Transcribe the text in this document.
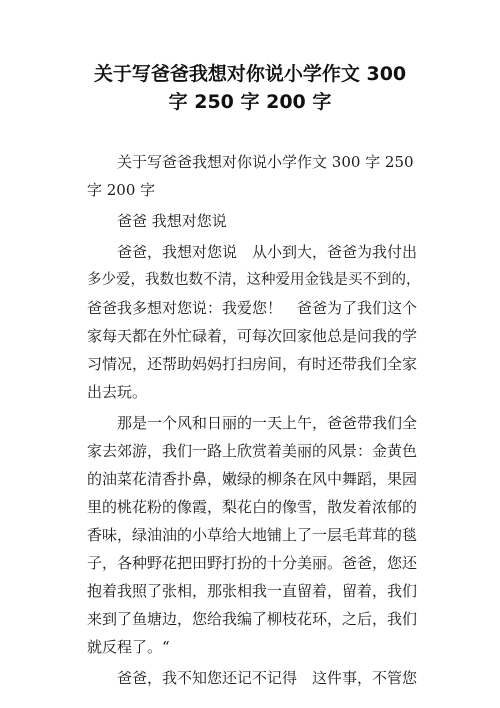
关于写爸爸我想对你说小学作文 300
字 250 字 200 字
　　关于写爸爸我想对你说小学作文 300 字 250
字 200 字
　　爸爸 我想对您说
　　爸爸，我想对您说　从小到大，爸爸为我付出
多少爱，我数也数不清，这种爱用金钱是买不到的，
爸爸我多想对您说：我爱您！　爸爸为了我们这个
家每天都在外忙碌着，可每次回家他总是问我的学
习情况，还帮助妈妈打扫房间，有时还带我们全家
出去玩。
　　那是一个风和日丽的一天上午，爸爸带我们全
家去郊游，我们一路上欣赏着美丽的风景：金黄色
的油菜花清香扑鼻，嫩绿的柳条在风中舞蹈，果园
里的桃花粉的像霞，梨花白的像雪，散发着浓郁的
香味，绿油油的小草给大地铺上了一层毛茸茸的毯
子，各种野花把田野打扮的十分美丽。爸爸，您还
抱着我照了张相，那张相我一直留着，留着，我们
来到了鱼塘边，您给我编了柳枝花环，之后，我们
就反程了。“
　　爸爸，我不知您还记不记得　这件事，不管您
